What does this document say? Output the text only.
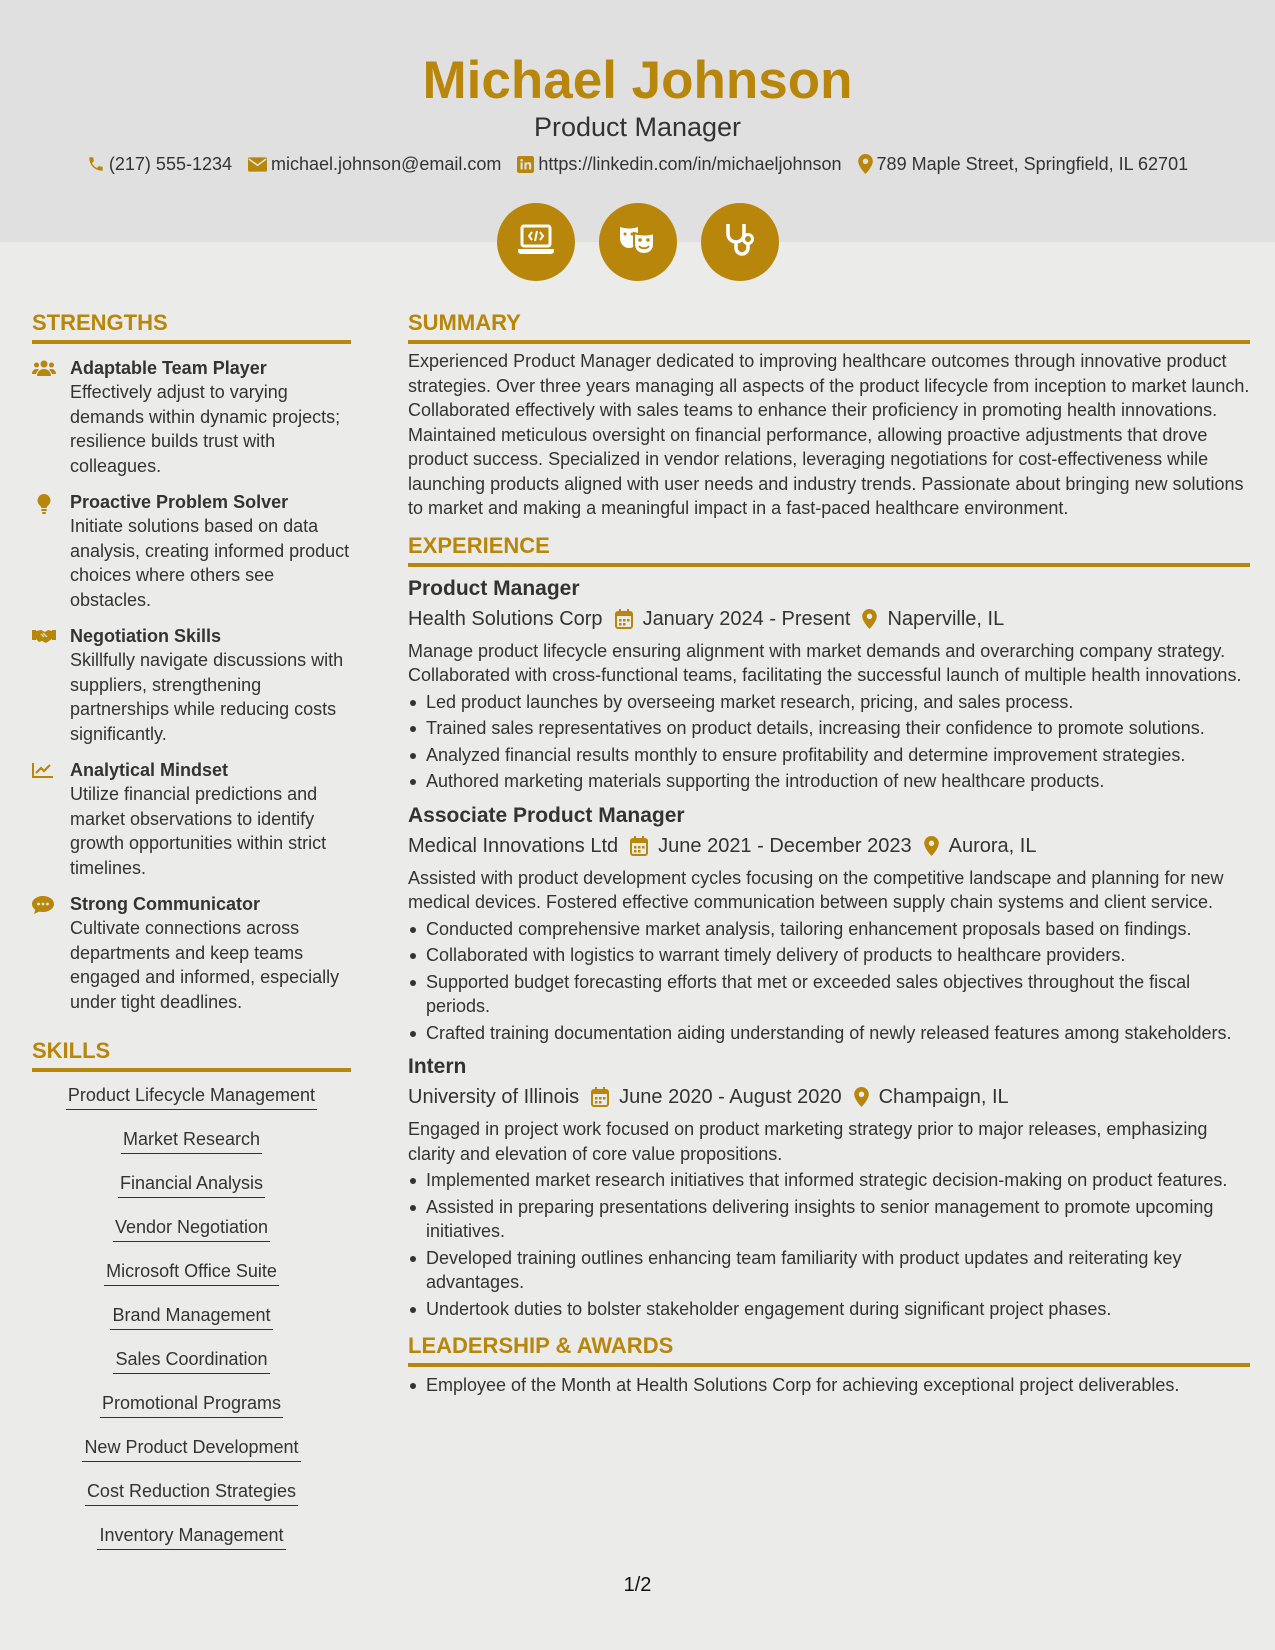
Michael Johnson
Product Manager
(217) 555-1234 michael.johnson@email.com https://linkedin.com/in/michaeljohnson 789 Maple Street, Springfield, IL 62701
STRENGTHS
Adaptable Team Player
Effectively adjust to varying demands within dynamic projects; resilience builds trust with colleagues.
Proactive Problem Solver
Initiate solutions based on data analysis, creating informed product choices where others see obstacles.
Negotiation Skills
Skillfully navigate discussions with suppliers, strengthening partnerships while reducing costs significantly.
Analytical Mindset
Utilize financial predictions and market observations to identify growth opportunities within strict timelines.
Strong Communicator
Cultivate connections across departments and keep teams engaged and informed, especially under tight deadlines.
SKILLS
Product Lifecycle Management
Market Research
Financial Analysis
Vendor Negotiation
Microsoft Office Suite
Brand Management
Sales Coordination
Promotional Programs
New Product Development
Cost Reduction Strategies
Inventory Management
SUMMARY

Experienced Product Manager dedicated to improving healthcare outcomes through innovative product strategies. Over three years managing all aspects of the product lifecycle from inception to market launch. Collaborated effectively with sales teams to enhance their proficiency in promoting health innovations. Maintained meticulous oversight on financial performance, allowing proactive adjustments that drove product success. Specialized in vendor relations, leveraging negotiations for cost-effectiveness while launching products aligned with user needs and industry trends. Passionate about bringing new solutions to market and making a meaningful impact in a fast-paced healthcare environment.

EXPERIENCE
Product Manager
Health Solutions Corp January 2024 - Present Naperville, IL

Manage product lifecycle ensuring alignment with market demands and overarching company strategy. Collaborated with cross-functional teams, facilitating the successful launch of multiple health innovations.

Led product launches by overseeing market research, pricing, and sales process.
Trained sales representatives on product details, increasing their confidence to promote solutions.
Analyzed financial results monthly to ensure profitability and determine improvement strategies.
Authored marketing materials supporting the introduction of new healthcare products.
Associate Product Manager
Medical Innovations Ltd June 2021 - December 2023 Aurora, IL

Assisted with product development cycles focusing on the competitive landscape and planning for new medical devices. Fostered effective communication between supply chain systems and client service.

Conducted comprehensive market analysis, tailoring enhancement proposals based on findings.
Collaborated with logistics to warrant timely delivery of products to healthcare providers.
Supported budget forecasting efforts that met or exceeded sales objectives throughout the fiscal periods.
Crafted training documentation aiding understanding of newly released features among stakeholders.
Intern
University of Illinois June 2020 - August 2020 Champaign, IL

Engaged in project work focused on product marketing strategy prior to major releases, emphasizing clarity and elevation of core value propositions.

Implemented market research initiatives that informed strategic decision-making on product features.
Assisted in preparing presentations delivering insights to senior management to promote upcoming initiatives.
Developed training outlines enhancing team familiarity with product updates and reiterating key advantages.
Undertook duties to bolster stakeholder engagement during significant project phases.
LEADERSHIP & AWARDS
Employee of the Month at Health Solutions Corp for achieving exceptional project deliverables.
1/2
